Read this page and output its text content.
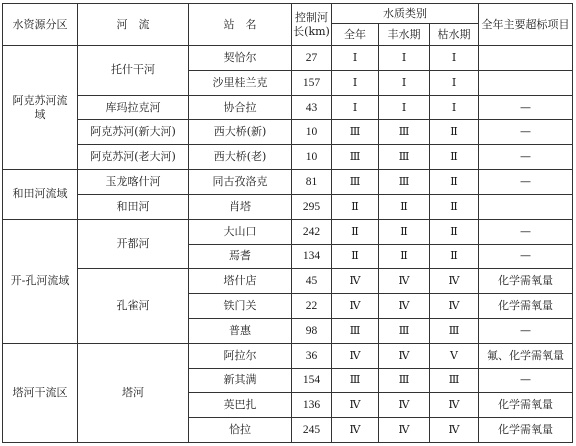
水资源分区	河　流	站　名	控制河长(km)	水质类别			全年主要超标项目
				全年	丰水期	枯水期	
阿克苏河流域	托什干河	契恰尔	27	Ⅰ	Ⅰ	Ⅰ	
		沙里桂兰克	157	Ⅰ	Ⅰ	Ⅰ	
	库玛拉克河	协合拉	43	Ⅰ	Ⅰ	Ⅰ	—
	阿克苏河(新大河)	西大桥(新)	10	Ⅲ	Ⅲ	Ⅱ	—
	阿克苏河(老大河)	西大桥(老)	10	Ⅲ	Ⅲ	Ⅱ	—
和田河流域	玉龙喀什河	同古孜洛克	81	Ⅲ	Ⅲ	Ⅱ	—
	和田河	肖塔	295	Ⅱ	Ⅱ	Ⅱ	
开-孔河流域	开都河	大山口	242	Ⅱ	Ⅱ	Ⅱ	—
		焉耆	134	Ⅱ	Ⅱ	Ⅱ	—
	孔雀河	塔什店	45	Ⅳ	Ⅳ	Ⅳ	化学需氧量
		铁门关	22	Ⅳ	Ⅳ	Ⅳ	化学需氧量
		普惠	98	Ⅲ	Ⅲ	Ⅲ	—
塔河干流区	塔河	阿拉尔	36	Ⅳ	Ⅳ	Ⅴ	氟、化学需氧量
		新其满	154	Ⅲ	Ⅲ	Ⅲ	—
		英巴扎	136	Ⅳ	Ⅳ	Ⅳ	化学需氧量
		恰拉	245	Ⅳ	Ⅳ	Ⅳ	化学需氧量
